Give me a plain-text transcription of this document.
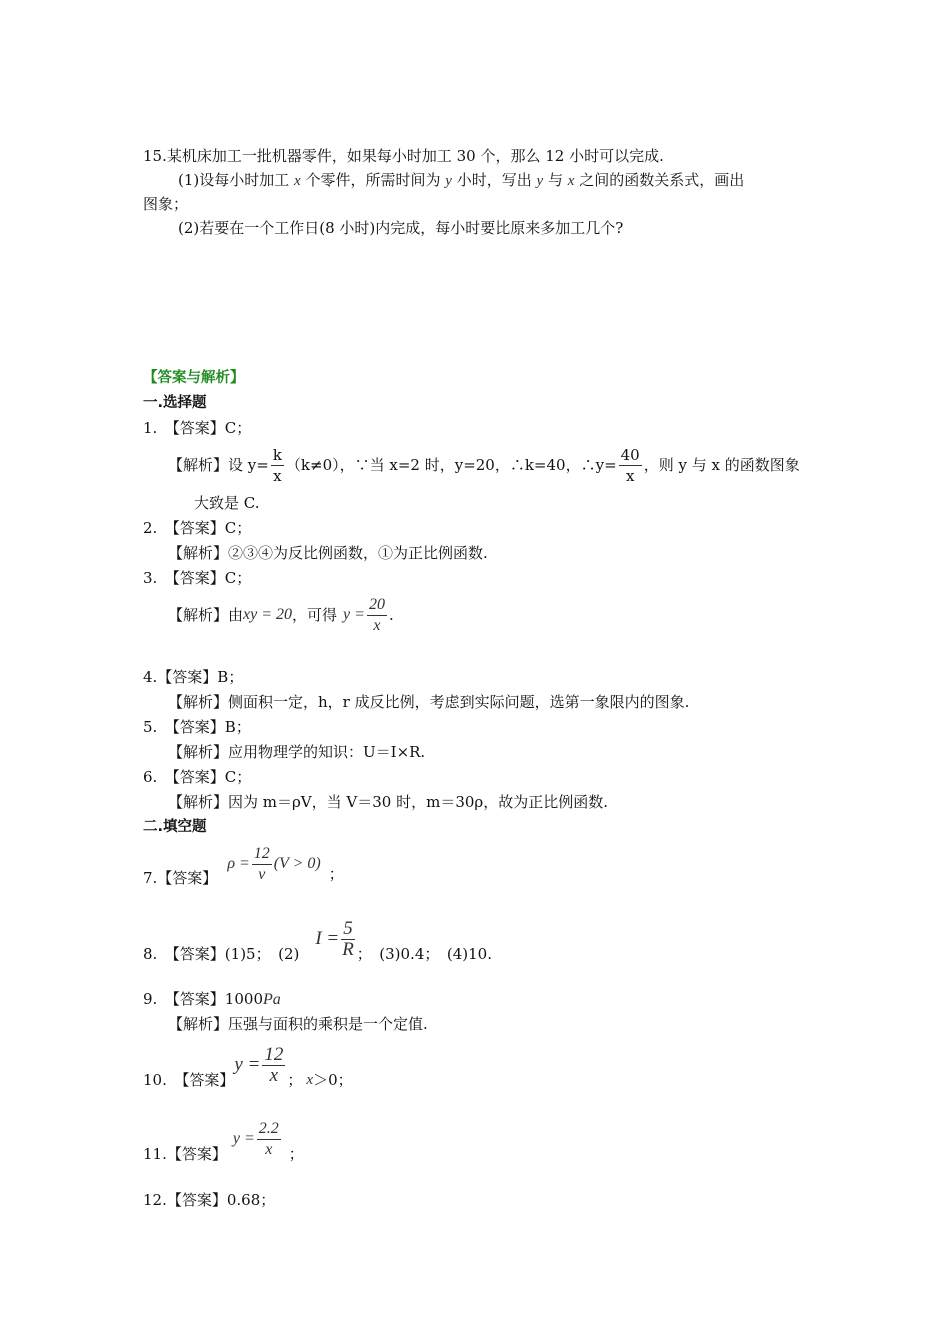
15.某机床加工一批机器零件，如果每小时加工 30 个，那么 12 小时可以完成.
(1)设每小时加工 x 个零件，所需时间为 y 小时，写出 y 与 x 之间的函数关系式，画出
图象；
(2)若要在一个工作日(8 小时)内完成，每小时要比原来多加工几个?
【答案与解析】
一.选择题
1.　【答案】C；
【解析】设 $y= \frac{k}{x} (k\ne 0)$，∵当 x=2 时，y=20，∴k=40，∴y= $\frac{40}{x}$ ，则 y 与 x 的函数图象
大致是 C.
2.　【答案】C；
【解析】②③④为反比例函数，①为正比例函数.
3.　【答案】C；
【解析】由 xy = 20 ，可得 $y = \frac{20}{x}$ .
4.【答案】B；
【解析】侧面积一定，h，r 成反比例，考虑到实际问题，选第一象限内的图象.
5.　【答案】B；
【解析】应用物理学的知识：U＝I×R.
6.　【答案】C；
【解析】因为 m＝ρV，当 V＝30 时，m＝30ρ，故为正比例函数.
二.填空题
7.【答案】
$\rho = \frac{12}{v} (V > 0)$
；
8.　【答案】(1)5；　(2)
$I = \frac{5}{R}$ ；　(3)0.4；　(4)10.
9.　【答案】1000Pa
【解析】压强与面积的乘积是一个定值.
10.　【答案】
$y = \frac{12}{x}$ ； x ＞0；
11.【答案】
$y = \frac{2.2}{x}$ ；
12.【答案】0.68；
